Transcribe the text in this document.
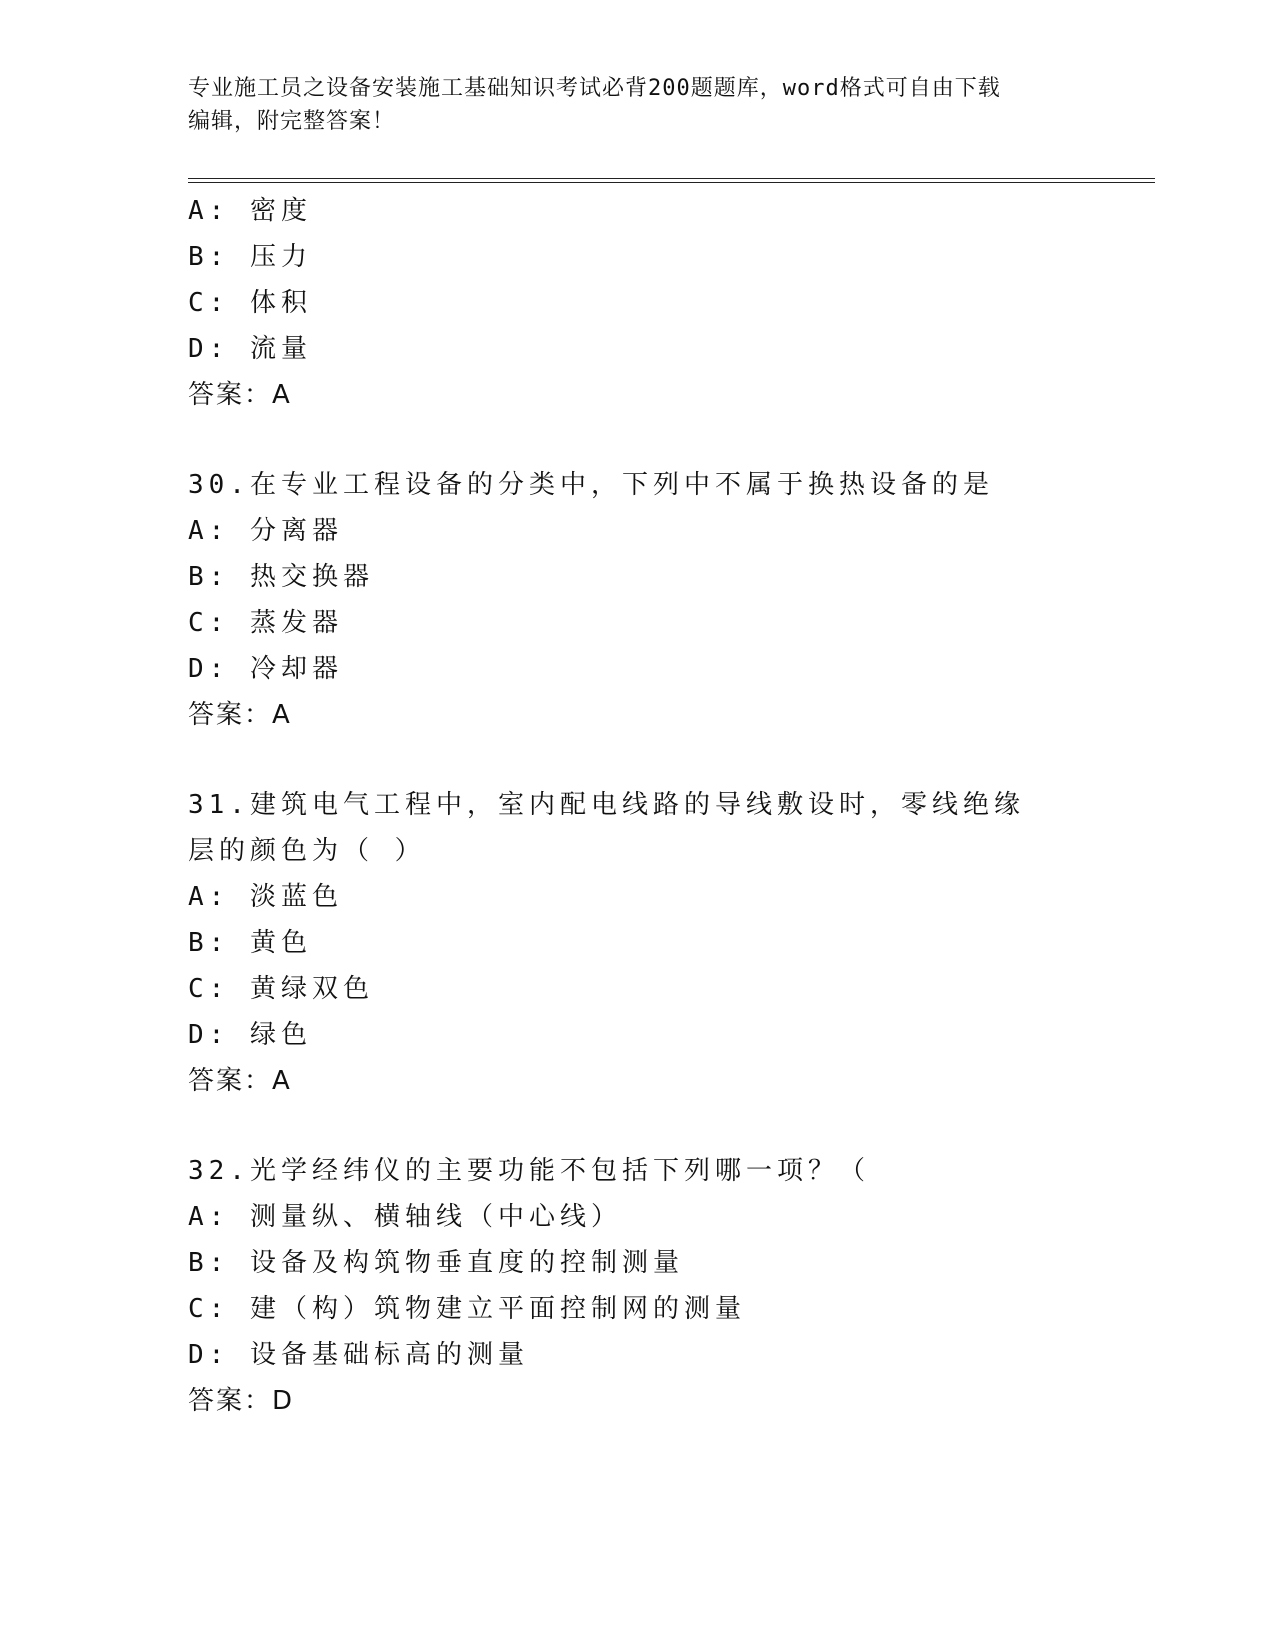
专业施工员之设备安装施工基础知识考试必背200题题库，word格式可自由下载
编辑，附完整答案！
A: 密度
B: 压力
C: 体积
D: 流量
答案：A
30.在专业工程设备的分类中，下列中不属于换热设备的是
A: 分离器
B: 热交换器
C: 蒸发器
D: 冷却器
答案：A
31.建筑电气工程中，室内配电线路的导线敷设时，零线绝缘层的颜色为（ ）
A: 淡蓝色
B: 黄色
C: 黄绿双色
D: 绿色
答案：A
32.光学经纬仪的主要功能不包括下列哪一项？（
A: 测量纵、横轴线（中心线）
B: 设备及构筑物垂直度的控制测量
C: 建（构）筑物建立平面控制网的测量
D: 设备基础标高的测量
答案：D
